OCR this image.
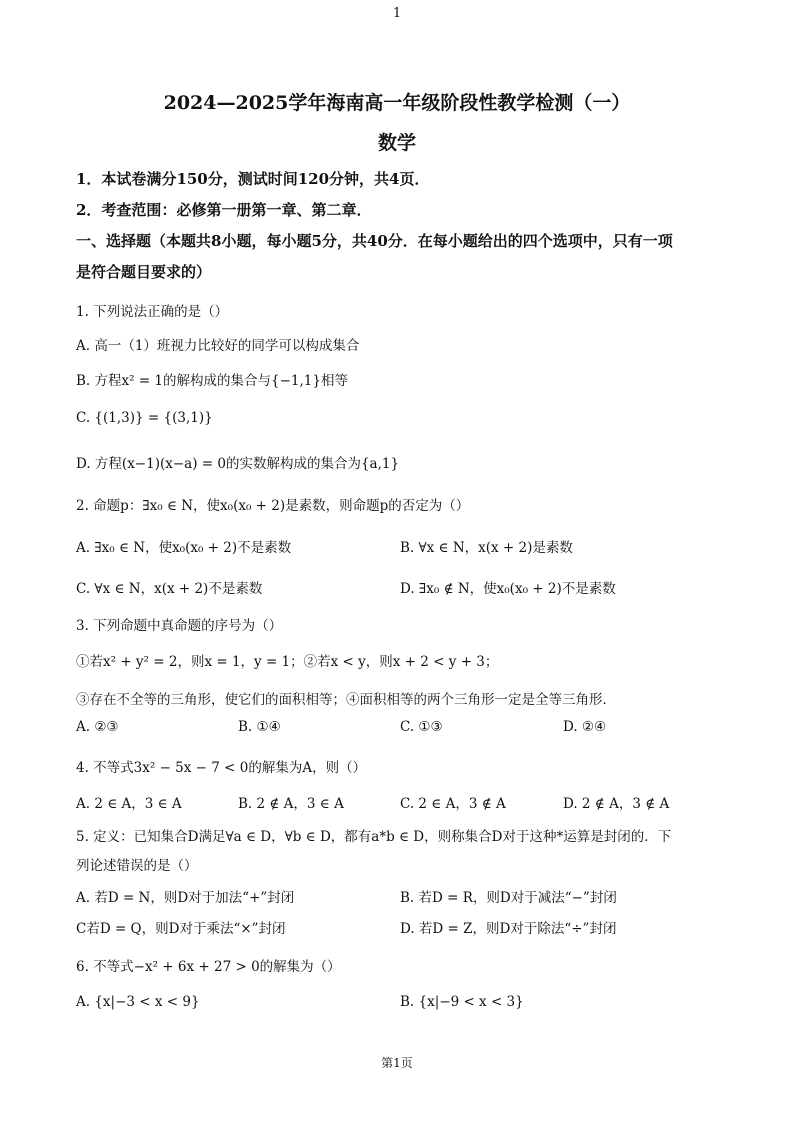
1
2024—2025学年海南高一年级阶段性教学检测（一）
数学
1．本试卷满分150分，测试时间120分钟，共4页．
2．考查范围：必修第一册第一章、第二章．
一、选择题（本题共8小题，每小题5分，共40分．在每小题给出的四个选项中，只有一项
是符合题目要求的）
1. 下列说法正确的是（）
A. 高一（1）班视力比较好的同学可以构成集合
B. 方程x² = 1的解构成的集合与{−1,1}相等
C. {(1,3)} = {(3,1)}
D. 方程(x−1)(x−a) = 0的实数解构成的集合为{a,1}
2. 命题p：∃x₀ ∈ N，使x₀(x₀ + 2)是素数，则命题p的否定为（）
A. ∃x₀ ∈ N，使x₀(x₀ + 2)不是素数	B. ∀x ∈ N，x(x + 2)是素数
C. ∀x ∈ N，x(x + 2)不是素数	D. ∃x₀ ∉ N，使x₀(x₀ + 2)不是素数
3. 下列命题中真命题的序号为（）
①若x² + y² = 2，则x = 1，y = 1；②若x < y，则x + 2 < y + 3；
③存在不全等的三角形，使它们的面积相等；④面积相等的两个三角形一定是全等三角形．
A. ②③	B. ①④	C. ①③	D. ②④
4. 不等式3x² − 5x − 7 < 0的解集为A，则（）
A. 2 ∈ A，3 ∈ A	B. 2 ∉ A，3 ∈ A	C. 2 ∈ A，3 ∉ A	D. 2 ∉ A，3 ∉ A
5. 定义：已知集合D满足∀a ∈ D，∀b ∈ D，都有a*b ∈ D，则称集合D对于这种*运算是封闭的．下
列论述错误的是（）
A. 若D = N，则D对于加法“+”封闭	B. 若D = R，则D对于减法“−”封闭
C若D = Q，则D对于乘法“×”封闭	D. 若D = Z，则D对于除法“÷”封闭
6. 不等式−x² + 6x + 27 > 0的解集为（）
A. {x|−3 < x < 9}	B. {x|−9 < x < 3}
第1页
